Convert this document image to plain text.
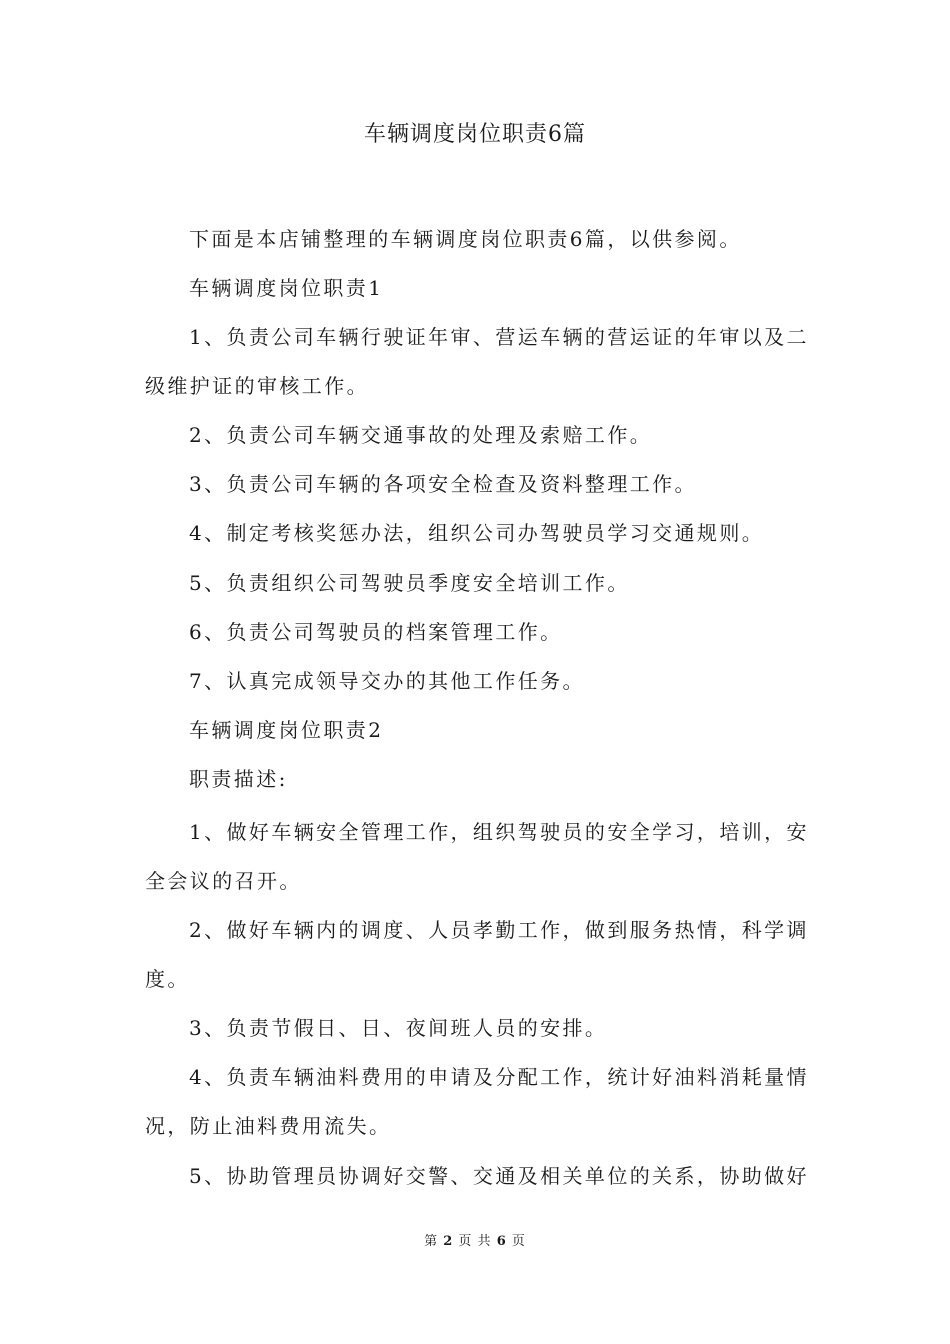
车辆调度岗位职责6篇
下面是本店铺整理的车辆调度岗位职责6篇，以供参阅。
车辆调度岗位职责1
1、负责公司车辆行驶证年审、营运车辆的营运证的年审以及二
级维护证的审核工作。
2、负责公司车辆交通事故的处理及索赔工作。
3、负责公司车辆的各项安全检查及资料整理工作。
4、制定考核奖惩办法，组织公司办驾驶员学习交通规则。
5、负责组织公司驾驶员季度安全培训工作。
6、负责公司驾驶员的档案管理工作。
7、认真完成领导交办的其他工作任务。
车辆调度岗位职责2
职责描述:
1、做好车辆安全管理工作，组织驾驶员的安全学习，培训，安
全会议的召开。
2、做好车辆内的调度、人员孝勤工作，做到服务热情，科学调
度。
3、负责节假日、日、夜间班人员的安排。
4、负责车辆油料费用的申请及分配工作，统计好油料消耗量情
况，防止油料费用流失。
5、协助管理员协调好交警、交通及相关单位的关系，协助做好
第 2 页 共 6 页
